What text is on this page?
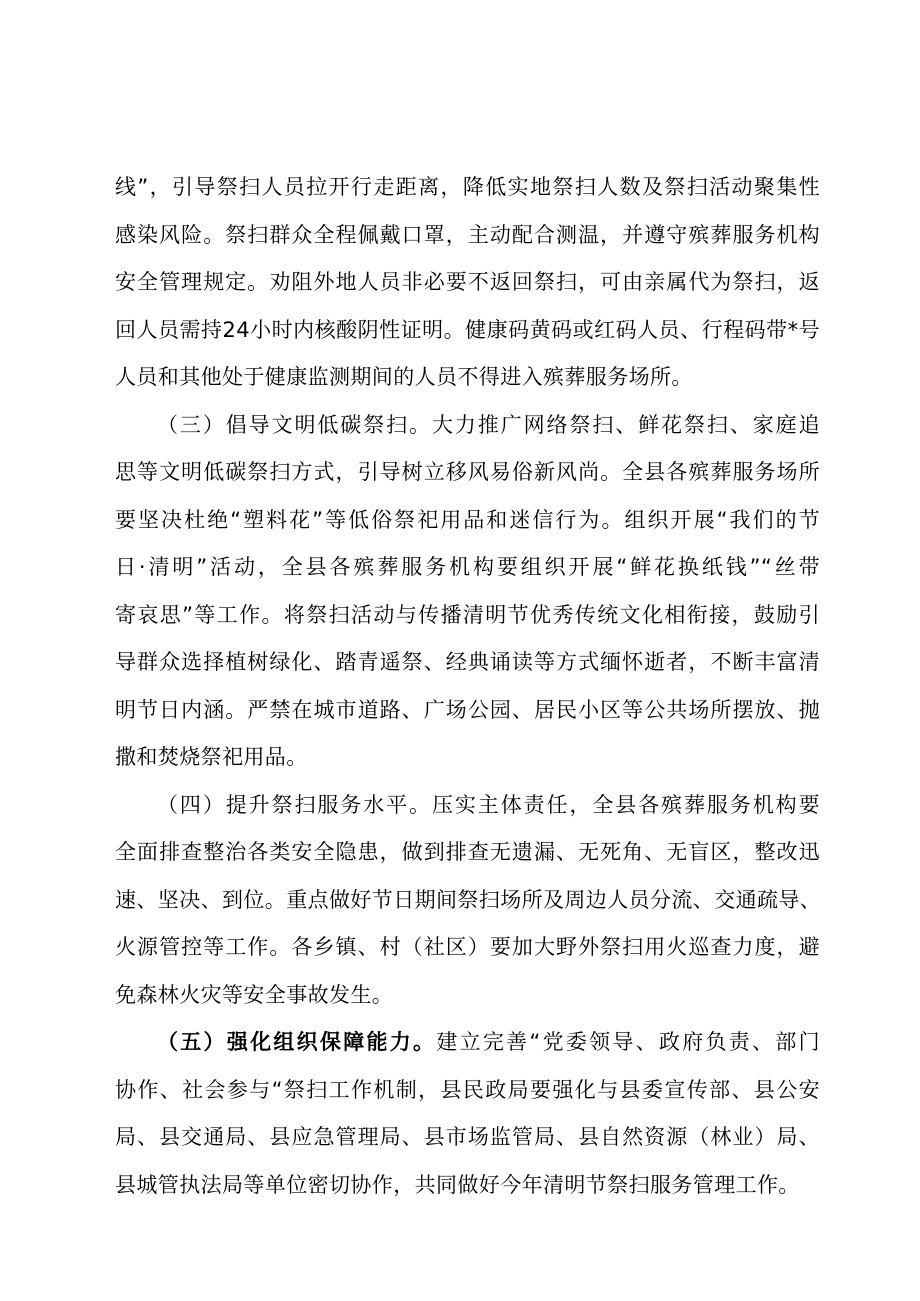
线”，引导祭扫人员拉开行走距离，降低实地祭扫人数及祭扫活动聚集性
感染风险。祭扫群众全程佩戴口罩，主动配合测温，并遵守殡葬服务机构
安全管理规定。劝阻外地人员非必要不返回祭扫，可由亲属代为祭扫，返
回人员需持24小时内核酸阴性证明。健康码黄码或红码人员、行程码带*号
人员和其他处于健康监测期间的人员不得进入殡葬服务场所。
（三）倡导文明低碳祭扫。大力推广网络祭扫、鲜花祭扫、家庭追
思等文明低碳祭扫方式，引导树立移风易俗新风尚。全县各殡葬服务场所
要坚决杜绝“塑料花”等低俗祭祀用品和迷信行为。组织开展“我们的节
日·清明”活动，全县各殡葬服务机构要组织开展“鲜花换纸钱”“丝带
寄哀思”等工作。将祭扫活动与传播清明节优秀传统文化相衔接，鼓励引
导群众选择植树绿化、踏青遥祭、经典诵读等方式缅怀逝者，不断丰富清
明节日内涵。严禁在城市道路、广场公园、居民小区等公共场所摆放、抛
撒和焚烧祭祀用品。
（四）提升祭扫服务水平。压实主体责任，全县各殡葬服务机构要
全面排查整治各类安全隐患，做到排查无遗漏、无死角、无盲区，整改迅
速、坚决、到位。重点做好节日期间祭扫场所及周边人员分流、交通疏导、
火源管控等工作。各乡镇、村（社区）要加大野外祭扫用火巡查力度，避
免森林火灾等安全事故发生。
（五）强化组织保障能力。建立完善“党委领导、政府负责、部门
协作、社会参与“祭扫工作机制，县民政局要强化与县委宣传部、县公安
局、县交通局、县应急管理局、县市场监管局、县自然资源（林业）局、
县城管执法局等单位密切协作，共同做好今年清明节祭扫服务管理工作。
